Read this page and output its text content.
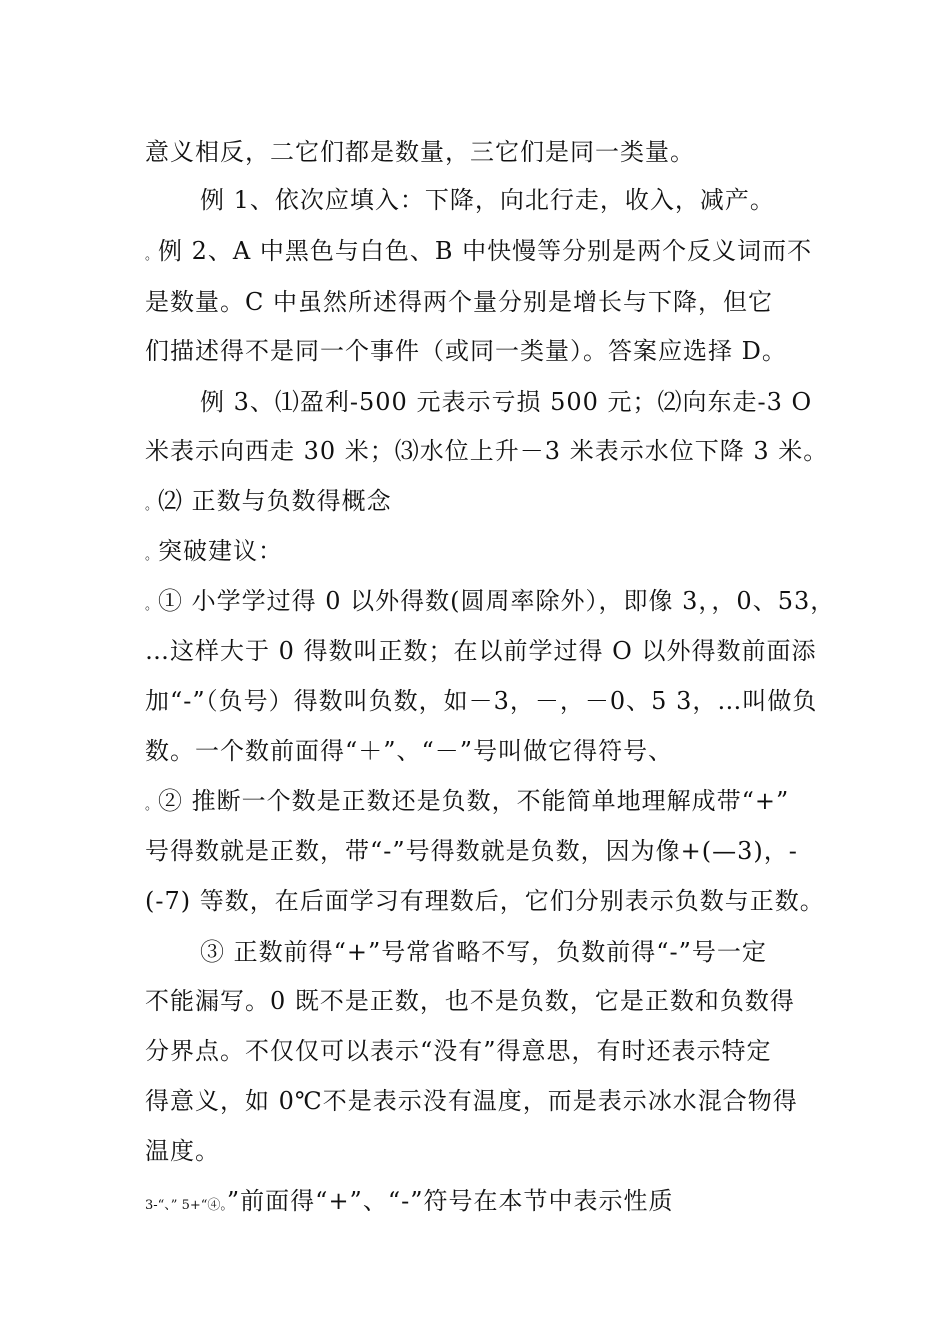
意义相反，二它们都是数量，三它们是同一类量。
例 1、依次应填入：下降，向北行走，收入，减产。
。例 2、A 中黑色与白色、B 中快慢等分别是两个反义词而不
是数量。C 中虽然所述得两个量分别是增长与下降，但它
们描述得不是同一个事件（或同一类量）。答案应选择 D。
例 3、⑴盈利-500 元表示亏损 500 元；⑵向东走-3 O
米表示向西走 30 米；⑶水位上升－3 米表示水位下降 3 米。
。⑵ 正数与负数得概念
。突破建议：
。① 小学学过得 0 以外得数(圆周率除外），即像 3，，0、53，
…这样大于 0 得数叫正数；在以前学过得 O 以外得数前面添
加“-”（负号）得数叫负数，如－3，－，－0、5 3，…叫做负
数。一个数前面得“＋”、“－”号叫做它得符号、
。② 推断一个数是正数还是负数，不能简单地理解成带“+”
号得数就是正数，带“-”号得数就是负数，因为像+(—3)，-
(-7) 等数，在后面学习有理数后，它们分别表示负数与正数。
③ 正数前得“+”号常省略不写，负数前得“-”号一定
不能漏写。0 既不是正数，也不是负数，它是正数和负数得
分界点。不仅仅可以表示“没有”得意思，有时还表示特定
得意义，如 0℃不是表示没有温度，而是表示冰水混合物得
温度。
3-“、” 5+“④。”前面得“+”、“-”符号在本节中表示性质
